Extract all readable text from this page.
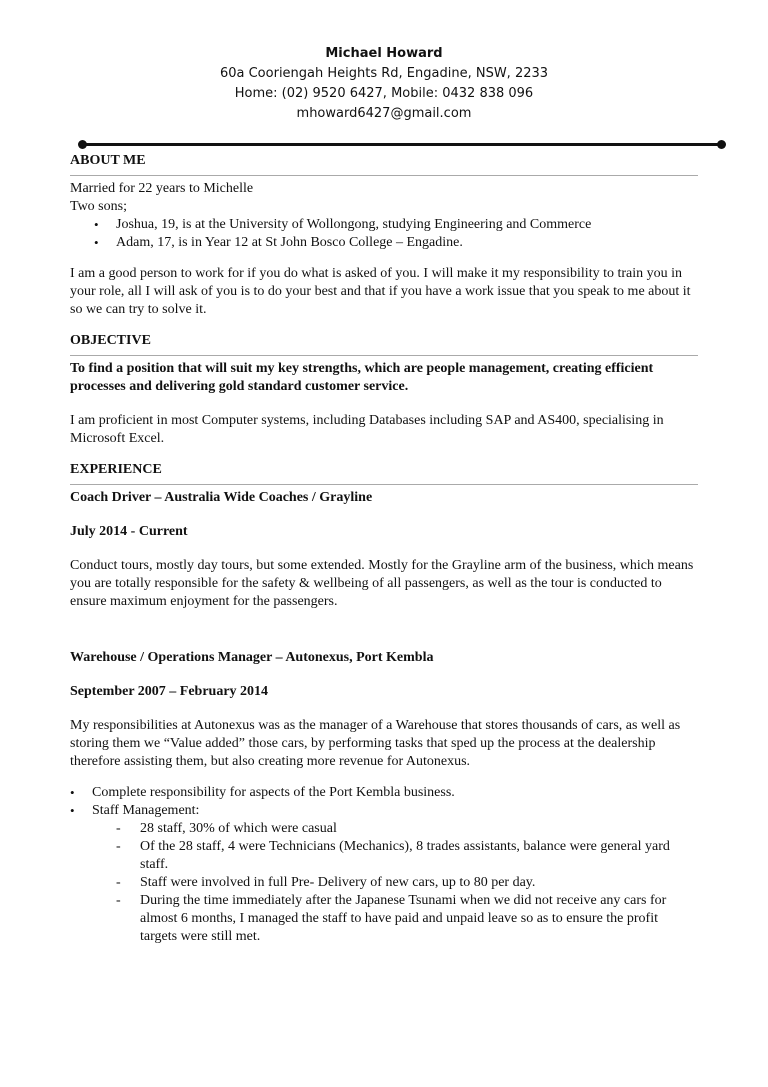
Michael Howard
60a Cooriengah Heights Rd, Engadine, NSW, 2233
Home: (02) 9520 6427, Mobile: 0432 838 096
mhoward6427@gmail.com
ABOUT ME

Married for 22 years to Michelle

Two sons;

• Joshua, 19, is at the University of Wollongong, studying Engineering and Commerce
• Adam, 17, is in Year 12 at St John Bosco College – Engadine.

I am a good person to work for if you do what is asked of you. I will make it my responsibility to train you in your role, all I will ask of you is to do your best and that if you have a work issue that you speak to me about it so we can try to solve it.

OBJECTIVE

To find a position that will suit my key strengths, which are people management, creating efficient processes and delivering gold standard customer service.

I am proficient in most Computer systems, including Databases including SAP and AS400, specialising in Microsoft Excel.

EXPERIENCE

Coach Driver – Australia Wide Coaches / Grayline

July 2014 - Current

Conduct tours, mostly day tours, but some extended. Mostly for the Grayline arm of the business, which means you are totally responsible for the safety & wellbeing of all passengers, as well as the tour is conducted to ensure maximum enjoyment for the passengers.

Warehouse / Operations Manager – Autonexus, Port Kembla

September 2007 – February 2014

My responsibilities at Autonexus was as the manager of a Warehouse that stores thousands of cars, as well as storing them we “Value added” those cars, by performing tasks that sped up the process at the dealership therefore assisting them, but also creating more revenue for Autonexus.

• Complete responsibility for aspects of the Port Kembla business.
• Staff Management:
- 28 staff, 30% of which were casual
- Of the 28 staff, 4 were Technicians (Mechanics), 8 trades assistants, balance were general yard staff.
- Staff were involved in full Pre- Delivery of new cars, up to 80 per day.
- During the time immediately after the Japanese Tsunami when we did not receive any cars for almost 6 months, I managed the staff to have paid and unpaid leave so as to ensure the profit targets were still met.
